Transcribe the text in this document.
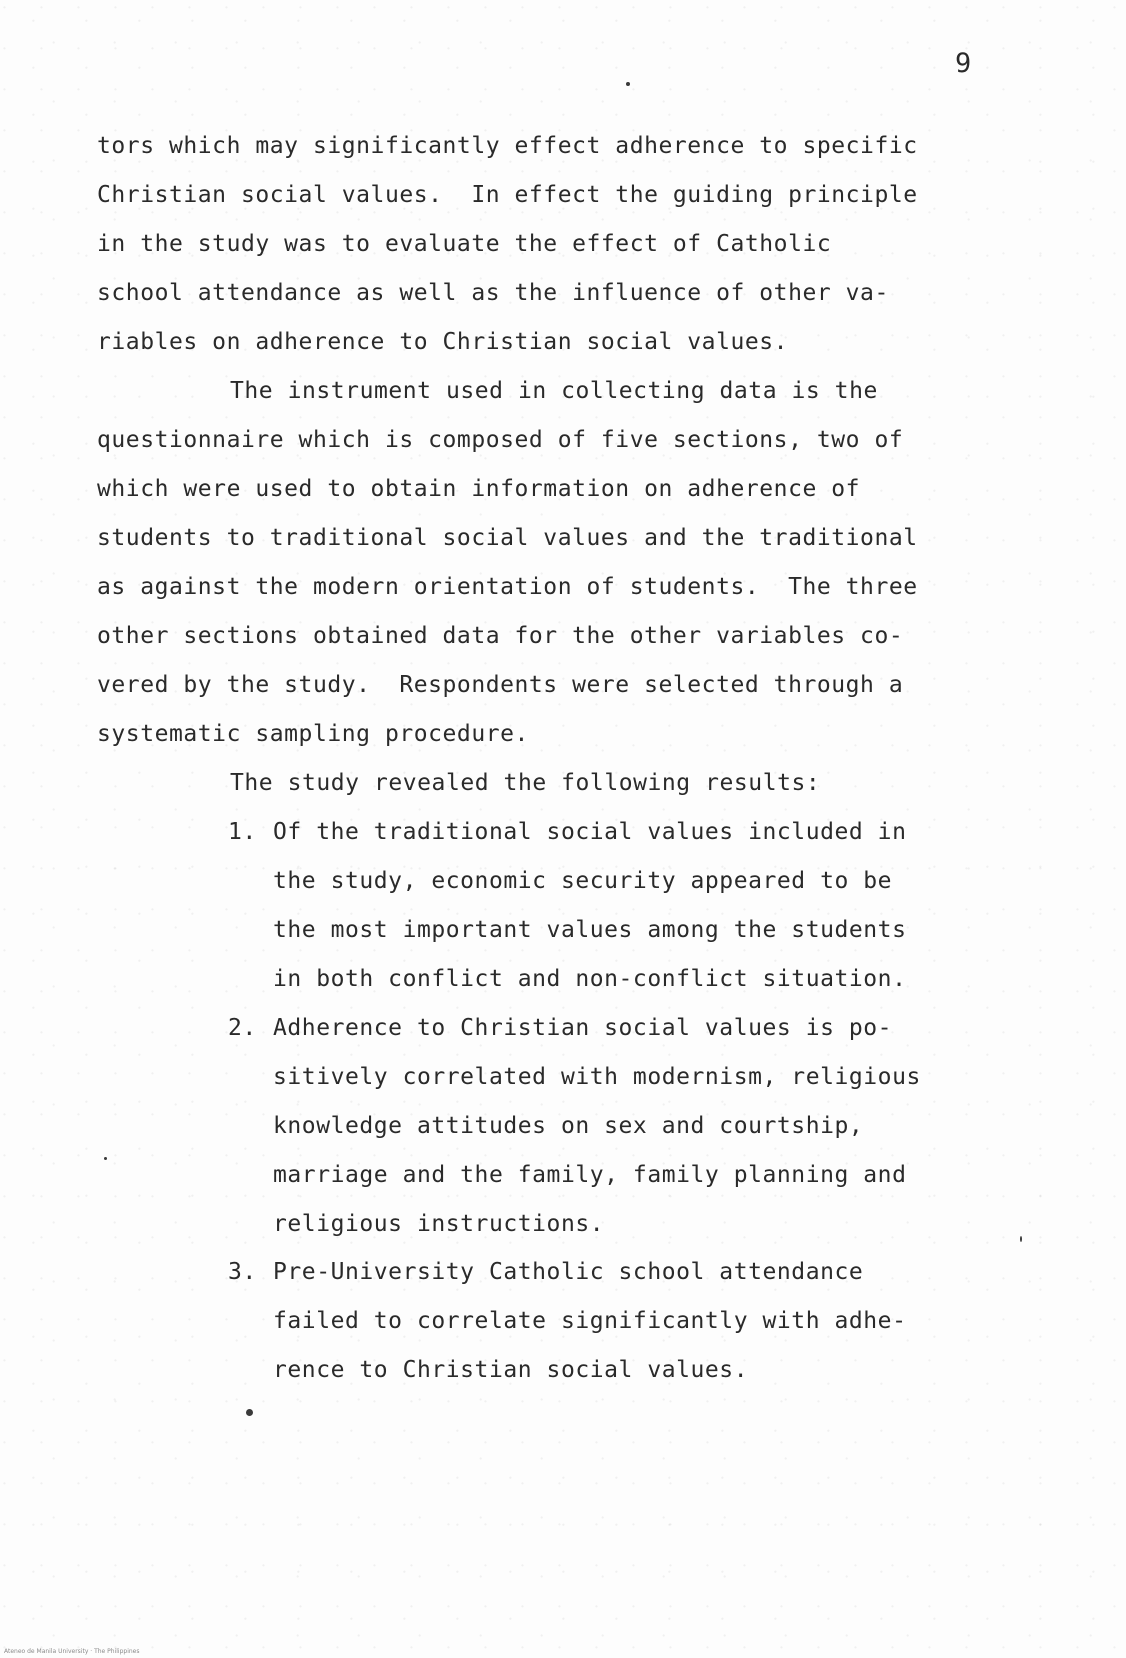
9
tors which may significantly effect adherence to specific
Christian social values.  In effect the guiding principle
in the study was to evaluate the effect of Catholic
school attendance as well as the influence of other va-
riables on adherence to Christian social values.
The instrument used in collecting data is the
questionnaire which is composed of five sections, two of
which were used to obtain information on adherence of
students to traditional social values and the traditional
as against the modern orientation of students.  The three
other sections obtained data for the other variables co-
vered by the study.  Respondents were selected through a
systematic sampling procedure.
The study revealed the following results:
1. Of the traditional social values included in
the study, economic security appeared to be
the most important values among the students
in both conflict and non-conflict situation.
2. Adherence to Christian social values is po-
sitively correlated with modernism, religious
knowledge attitudes on sex and courtship,
marriage and the family, family planning and
religious instructions.
3. Pre-University Catholic school attendance
failed to correlate significantly with adhe-
rence to Christian social values.
Ateneo de Manila University · The Philippines
